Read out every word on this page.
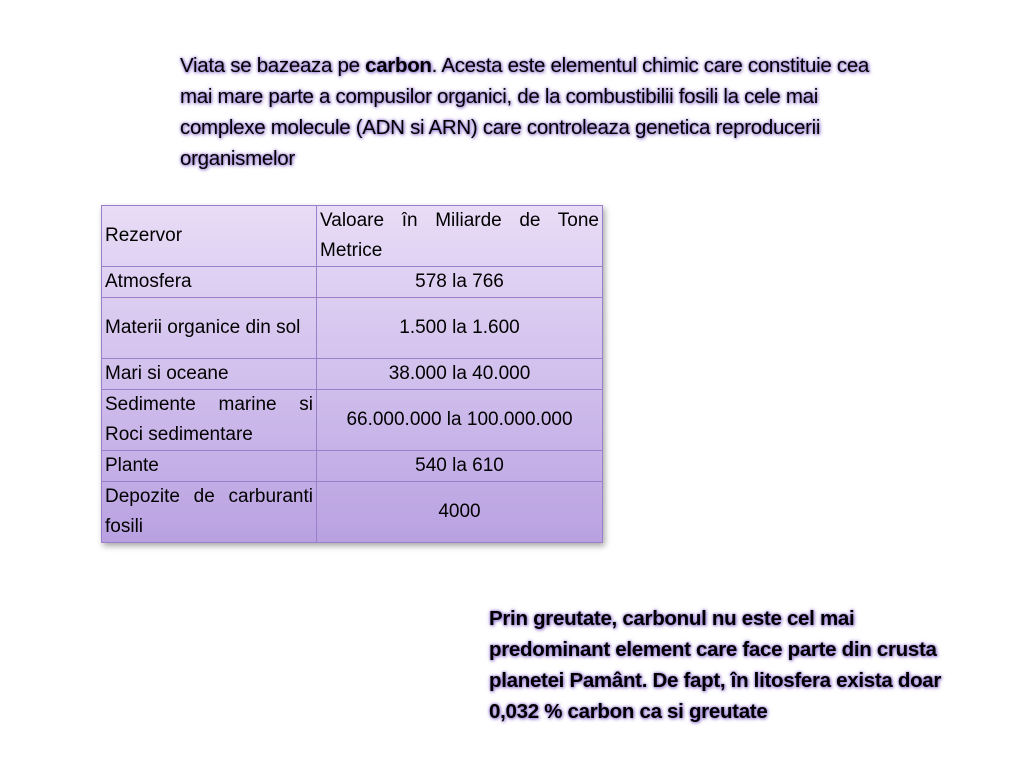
Viata se bazeaza pe carbon. Acesta este elementul chimic care constituie cea mai mare parte a compusilor organici, de la combustibilii fosili la cele mai complexe molecule (ADN si ARN) care controleaza genetica reproducerii organismelor
Rezervor	Valoare în Miliarde de Tone Metrice
Atmosfera	578 la 766
Materii organice din sol	1.500 la 1.600
Mari si oceane	38.000 la 40.000
Sedimente marine si Roci sedimentare	66.000.000 la 100.000.000
Plante	540 la 610
Depozite de carburanti fosili	4000
Prin greutate, carbonul nu este cel mai predominant element care face parte din crusta planetei Pamânt. De fapt, în litosfera exista doar 0,032 % carbon ca si greutate
